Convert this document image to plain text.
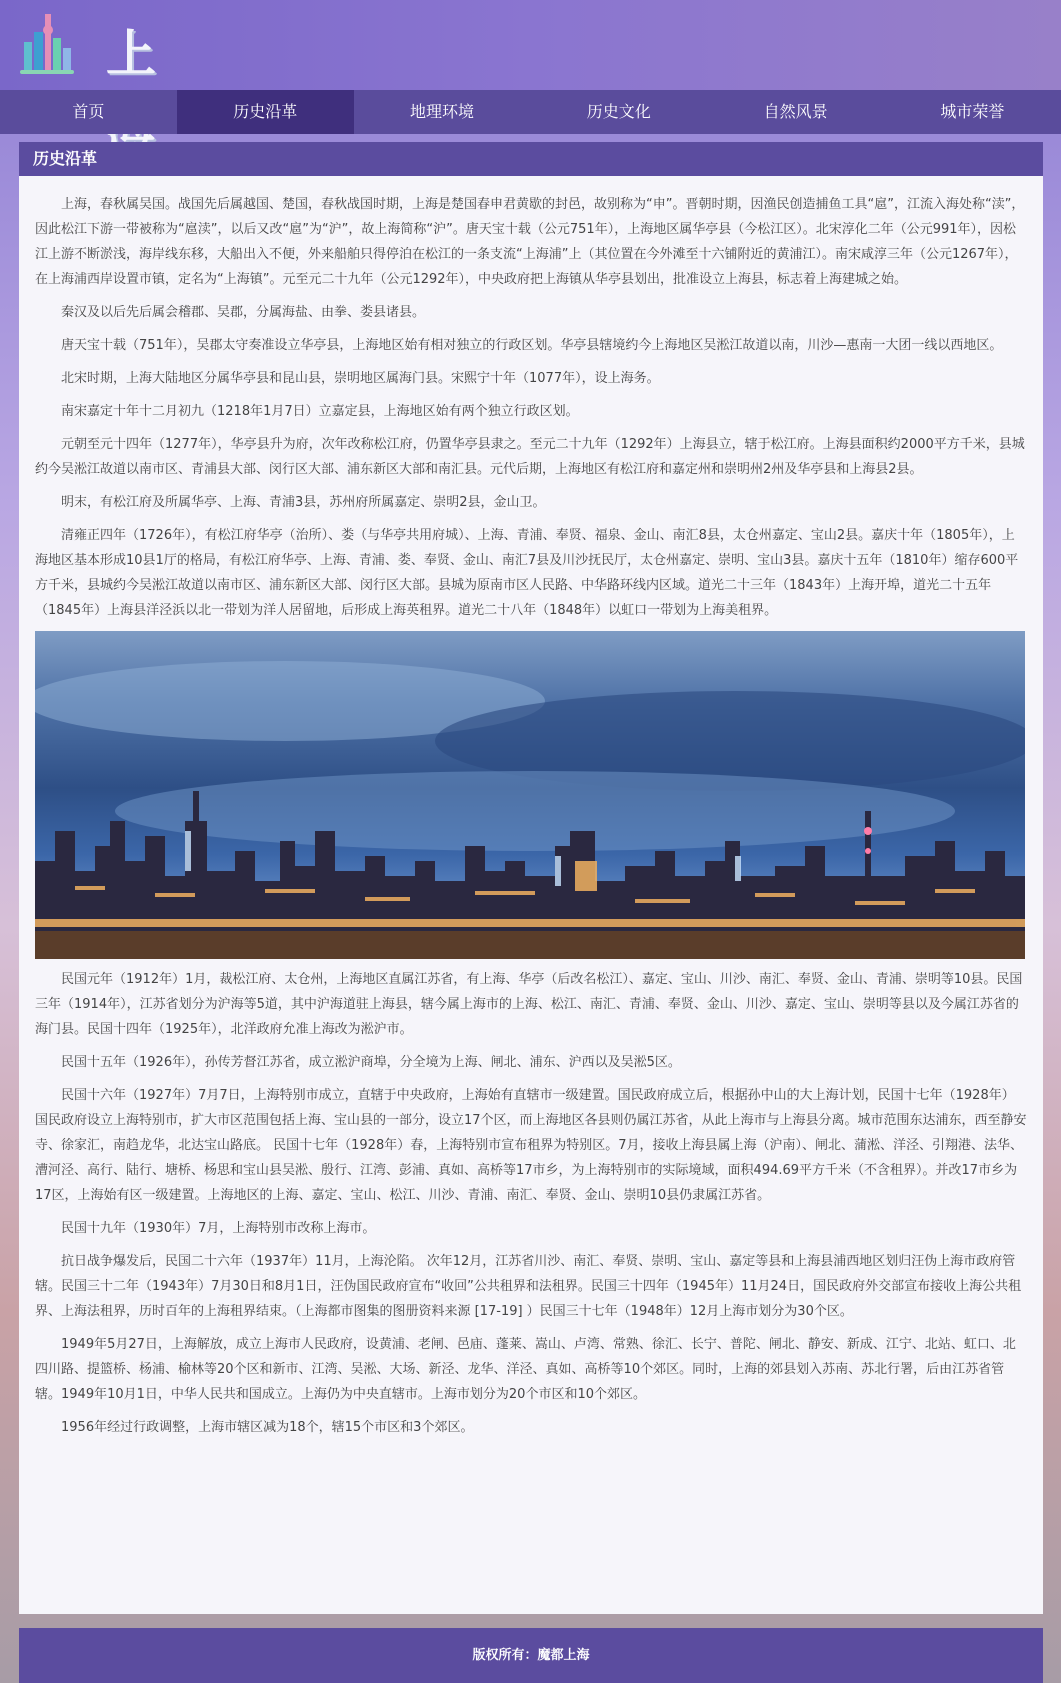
上
首页	历史沿革	地理环境	历史文化	自然风景	城市荣誉
历史沿革

上海，春秋属吴国。战国先后属越国、楚国，春秋战国时期，上海是楚国春申君黄歇的封邑，故别称为“申”。晋朝时期，因渔民创造捕鱼工具“扈”，江流入海处称“渎”，因此松江下游一带被称为“扈渎”，以后又改“扈”为“沪”，故上海简称“沪”。唐天宝十载（公元751年），上海地区属华亭县（今松江区）。北宋淳化二年（公元991年），因松江上游不断淤浅，海岸线东移，大船出入不便，外来船舶只得停泊在松江的一条支流“上海浦”上（其位置在今外滩至十六铺附近的黄浦江）。南宋咸淳三年（公元1267年），在上海浦西岸设置市镇，定名为“上海镇”。元至元二十九年（公元1292年），中央政府把上海镇从华亭县划出，批准设立上海县，标志着上海建城之始。

秦汉及以后先后属会稽郡、吴郡，分属海盐、由拳、娄县诸县。

唐天宝十载（751年），吴郡太守奏准设立华亭县，上海地区始有相对独立的行政区划。华亭县辖境约今上海地区吴淞江故道以南，川沙—惠南一大团一线以西地区。

北宋时期，上海大陆地区分属华亭县和昆山县，崇明地区属海门县。宋熙宁十年（1077年），设上海务。

南宋嘉定十年十二月初九（1218年1月7日）立嘉定县，上海地区始有两个独立行政区划。

元朝至元十四年（1277年），华亭县升为府，次年改称松江府，仍置华亭县隶之。至元二十九年（1292年）上海县立，辖于松江府。上海县面积约2000平方千米，县城约今吴淞江故道以南市区、青浦县大部、闵行区大部、浦东新区大部和南汇县。元代后期，上海地区有松江府和嘉定州和崇明州2州及华亭县和上海县2县。

明末，有松江府及所属华亭、上海、青浦3县，苏州府所属嘉定、崇明2县，金山卫。

清雍正四年（1726年），有松江府华亭（治所）、娄（与华亭共用府城）、上海、青浦、奉贤、福泉、金山、南汇8县，太仓州嘉定、宝山2县。嘉庆十年（1805年），上海地区基本形成10县1厅的格局，有松江府华亭、上海、青浦、娄、奉贤、金山、南汇7县及川沙抚民厅，太仓州嘉定、崇明、宝山3县。嘉庆十五年（1810年）缩存600平方千米，县城约今吴淞江故道以南市区、浦东新区大部、闵行区大部。县城为原南市区人民路、中华路环线内区域。道光二十三年（1843年）上海开埠，道光二十五年（1845年）上海县洋泾浜以北一带划为洋人居留地，后形成上海英租界。道光二十八年（1848年）以虹口一带划为上海美租界。

民国元年（1912年）1月，裁松江府、太仓州，上海地区直属江苏省，有上海、华亭（后改名松江）、嘉定、宝山、川沙、南汇、奉贤、金山、青浦、崇明等10县。民国三年（1914年），江苏省划分为沪海等5道，其中沪海道驻上海县，辖今属上海市的上海、松江、南汇、青浦、奉贤、金山、川沙、嘉定、宝山、崇明等县以及今属江苏省的海门县。民国十四年（1925年），北洋政府允准上海改为淞沪市。

民国十五年（1926年），孙传芳督江苏省，成立淞沪商埠，分全境为上海、闸北、浦东、沪西以及吴淞5区。

民国十六年（1927年）7月7日，上海特别市成立，直辖于中央政府，上海始有直辖市一级建置。国民政府成立后，根据孙中山的大上海计划，民国十七年（1928年）国民政府设立上海特别市，扩大市区范围包括上海、宝山县的一部分，设立17个区，而上海地区各县则仍属江苏省，从此上海市与上海县分离。城市范围东达浦东，西至静安寺、徐家汇，南趋龙华，北达宝山路底。 民国十七年（1928年）春，上海特别市宣布租界为特别区。7月，接收上海县属上海（沪南）、闸北、蒲淞、洋泾、引翔港、法华、漕河泾、高行、陆行、塘桥、杨思和宝山县吴淞、殷行、江湾、彭浦、真如、高桥等17市乡，为上海特别市的实际境域，面积494.69平方千米（不含租界）。并改17市乡为17区，上海始有区一级建置。上海地区的上海、嘉定、宝山、松江、川沙、青浦、南汇、奉贤、金山、崇明10县仍隶属江苏省。

民国十九年（1930年）7月，上海特别市改称上海市。

抗日战争爆发后，民国二十六年（1937年）11月，上海沦陷。 次年12月，江苏省川沙、南汇、奉贤、崇明、宝山、嘉定等县和上海县浦西地区划归汪伪上海市政府管辖。民国三十二年（1943年）7月30日和8月1日，汪伪国民政府宣布“收回”公共租界和法租界。民国三十四年（1945年）11月24日，国民政府外交部宣布接收上海公共租界、上海法租界，历时百年的上海租界结束。（上海都市图集的图册资料来源 [17-19] ）民国三十七年（1948年）12月上海市划分为30个区。

1949年5月27日，上海解放，成立上海市人民政府，设黄浦、老闸、邑庙、蓬莱、嵩山、卢湾、常熟、徐汇、长宁、普陀、闸北、静安、新成、江宁、北站、虹口、北四川路、提篮桥、杨浦、榆林等20个区和新市、江湾、吴淞、大场、新泾、龙华、洋泾、真如、高桥等10个郊区。同时，上海的郊县划入苏南、苏北行署，后由江苏省管辖。1949年10月1日，中华人民共和国成立。上海仍为中央直辖市。上海市划分为20个市区和10个郊区。

1956年经过行政调整，上海市辖区减为18个，辖15个市区和3个郊区。

版权所有：魔都上海
